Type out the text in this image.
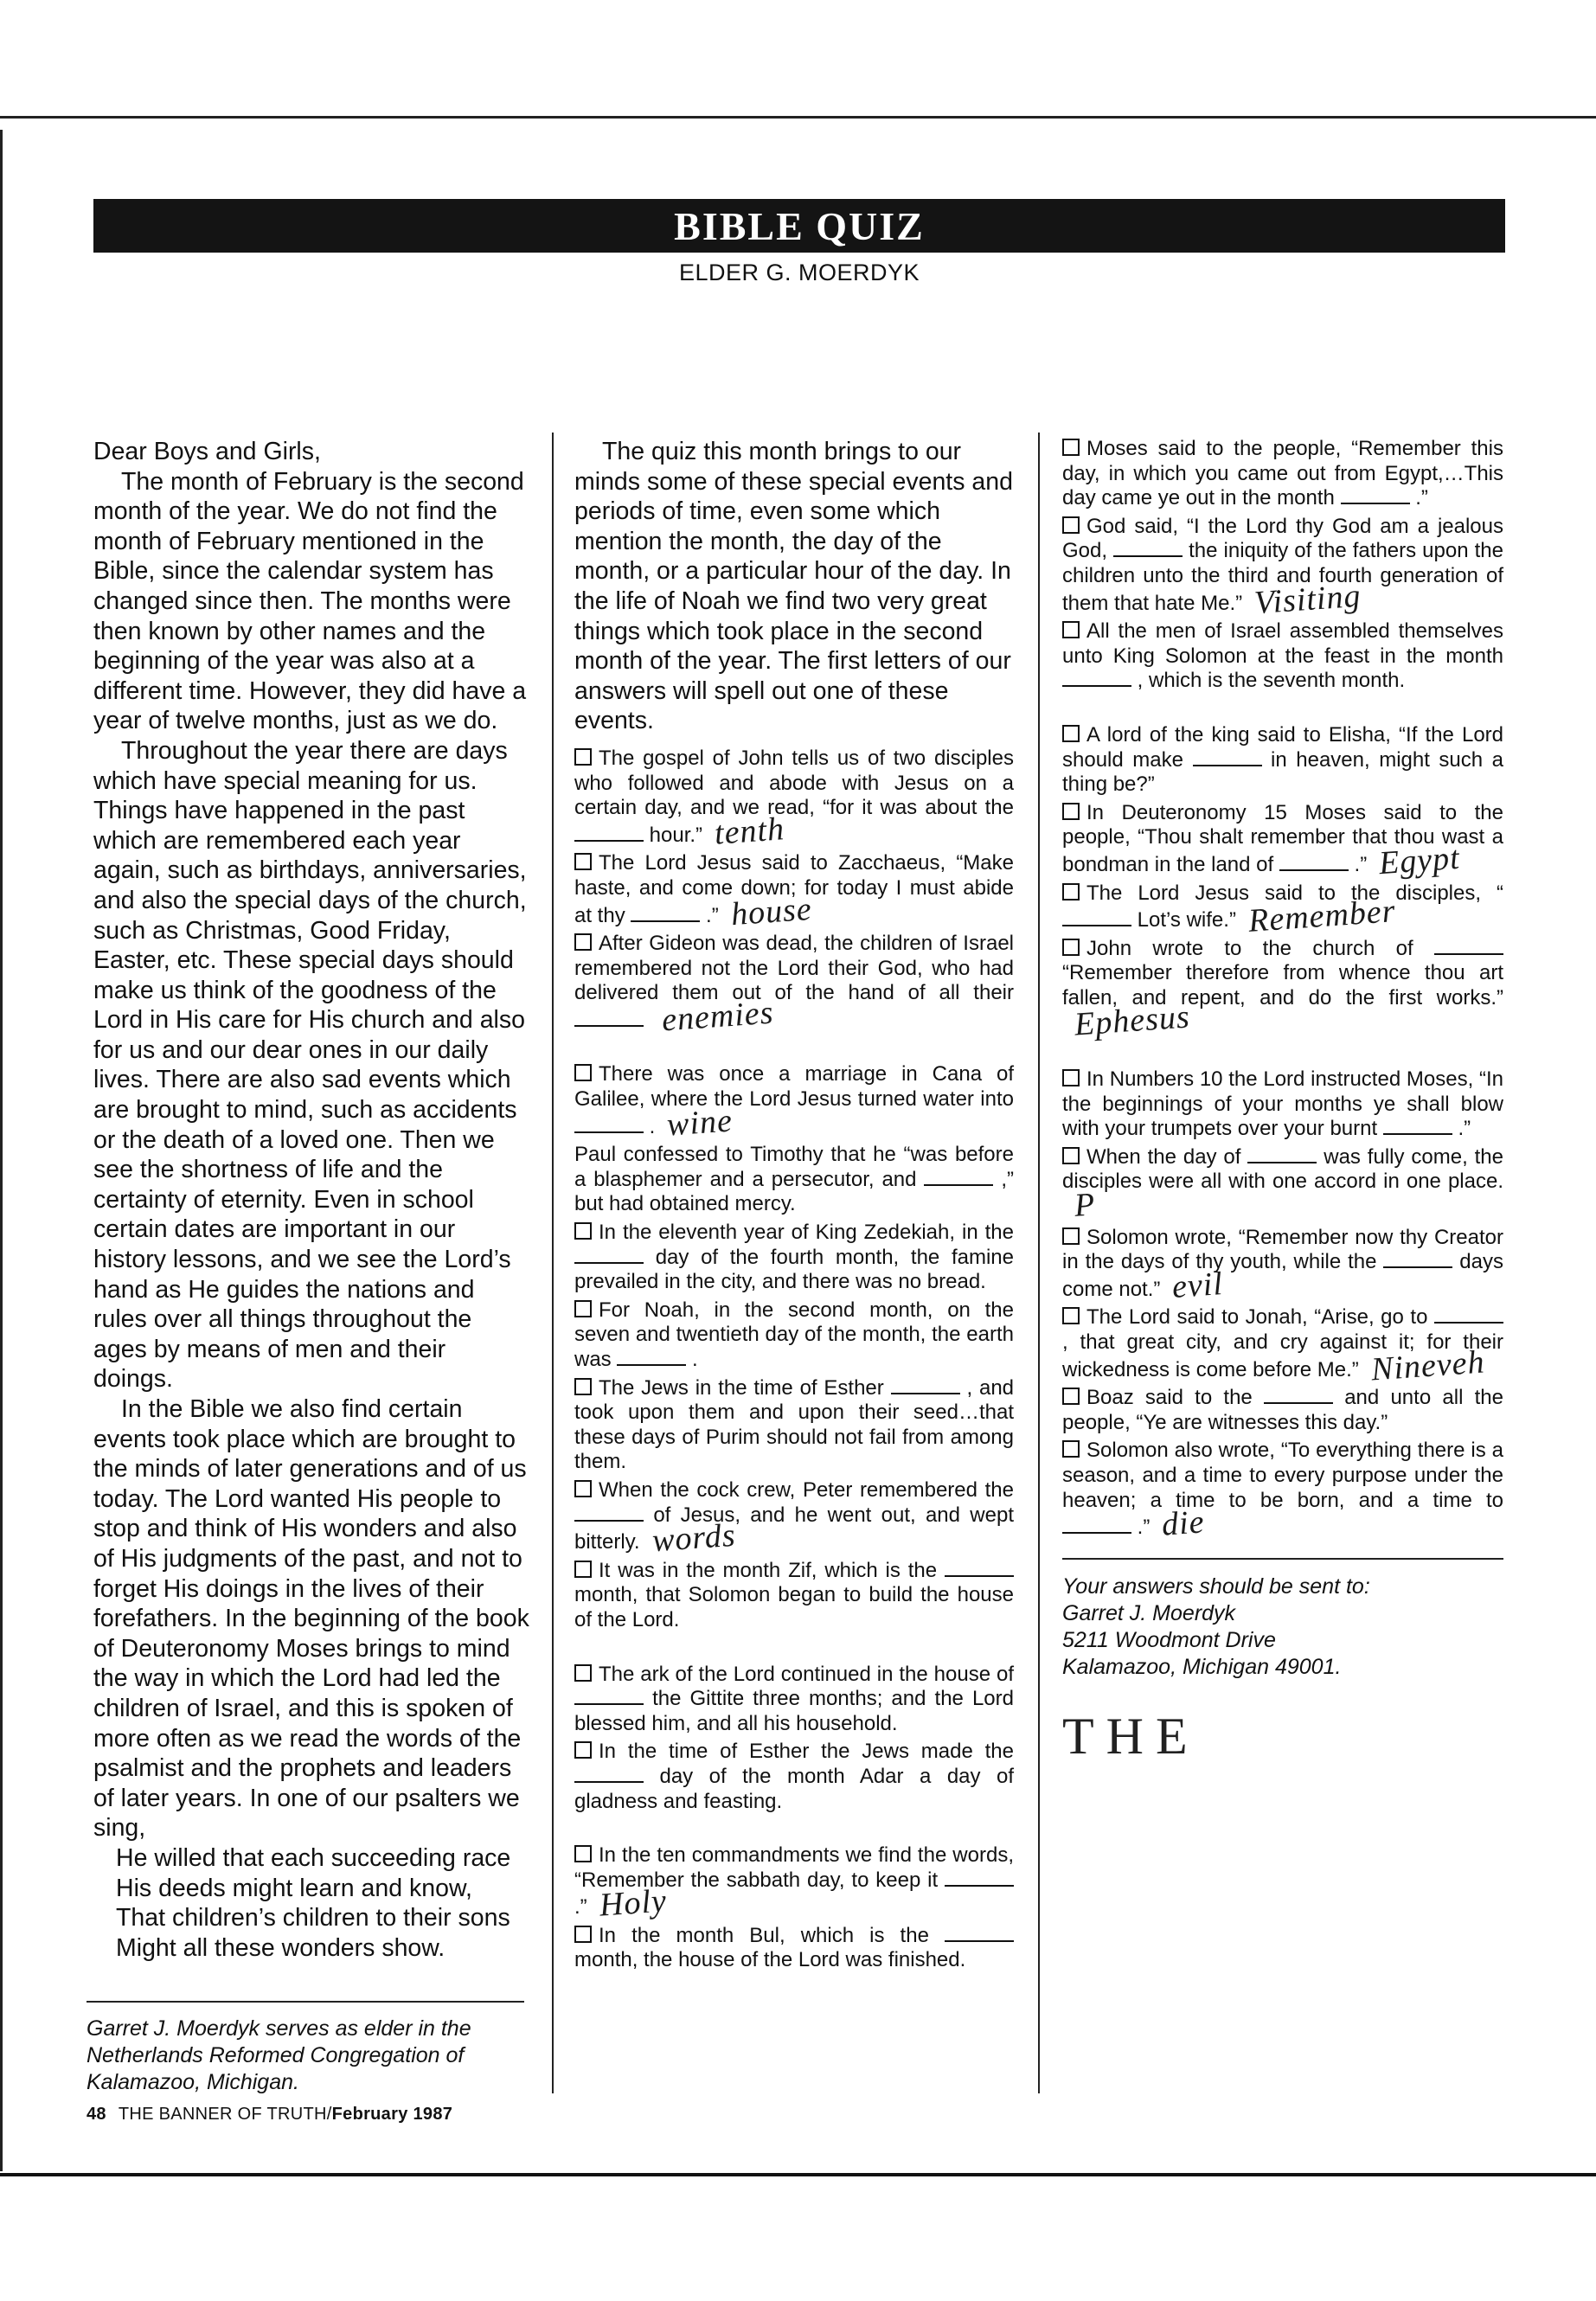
BIBLE QUIZ
ELDER G. MOERDYK

Dear Boys and Girls,

The month of February is the second month of the year. We do not find the month of February mentioned in the Bible, since the calendar system has changed since then. The months were then known by other names and the beginning of the year was also at a different time. However, they did have a year of twelve months, just as we do.

Throughout the year there are days which have special meaning for us. Things have happened in the past which are remembered each year again, such as birthdays, anniversaries, and also the special days of the church, such as Christmas, Good Friday, Easter, etc. These special days should make us think of the goodness of the Lord in His care for His church and also for us and our dear ones in our daily lives. There are also sad events which are brought to mind, such as accidents or the death of a loved one. Then we see the shortness of life and the certainty of eternity. Even in school certain dates are important in our history lessons, and we see the Lord’s hand as He guides the nations and rules over all things throughout the ages by means of men and their doings.

In the Bible we also find certain events took place which are brought to the minds of later generations and of us today. The Lord wanted His people to stop and think of His wonders and also of His judgments of the past, and not to forget His doings in the lives of their forefathers. In the beginning of the book of Deuteronomy Moses brings to mind the way in which the Lord had led the children of Israel, and this is spoken of more often as we read the words of the psalmist and the prophets and leaders of later years. In one of our psalters we sing,

He willed that each succeeding race
His deeds might learn and know,
That children’s children to their sons
Might all these wonders show.

The quiz this month brings to our minds some of these special events and periods of time, even some which mention the month, the day of the month, or a particular hour of the day. In the life of Noah we find two very great things which took place in the second month of the year. The first letters of our answers will spell out one of these events.

The gospel of John tells us of two disciples who followed and abode with Jesus on a certain day, and we read, “for it was about the  hour.” tenth

The Lord Jesus said to Zacchaeus, “Make haste, and come down; for today I must abide at thy	.” house

After Gideon was dead, the children of Israel remembered not the Lord their God, who had delivered them out of the hand of all their  enemies

There was once a marriage in Cana of Galilee, where the Lord Jesus turned water into  . wine

Paul confessed to Timothy that he “was before a blasphemer and a persecutor, and	,” but had obtained mercy.

In the eleventh year of King Zedekiah, in the  day of the fourth month, the famine prevailed in the city, and there was no bread.

For Noah, in the second month, on the seven and twentieth day of the month, the earth was	.

The Jews in the time of Esther	, and took upon them and upon their seed…that these days of Purim should not fail from among them.

When the cock crew, Peter remembered the  of Jesus, and he went out, and wept bitterly. words

It was in the month Zif, which is the  month, that Solomon began to build the house of the Lord.

The ark of the Lord continued in the house of  the Gittite three months; and the Lord blessed him, and all his household.

In the time of Esther the Jews made the  day of the month Adar a day of gladness and feasting.

In the ten commandments we find the words, “Remember the sabbath day, to keep it  .” Holy

In the month Bul, which is the  month, the house of the Lord was finished.

Moses said to the people, “Remember this day, in which you came out from Egypt,…This day came ye out in the month	.”

God said, “I the Lord thy God am a jealous God,	the iniquity of the fathers upon the children unto the third and fourth generation of them that hate Me.” Visiting

All the men of Israel assembled themselves unto King Solomon at the feast in the month  , which is the seventh month.

A lord of the king said to Elisha, “If the Lord should make	in heaven, might such a thing be?”

In Deuteronomy 15 Moses said to the people, “Thou shalt remember that thou wast a bondman in the land of	.” Egypt

The Lord Jesus said to the disciples, “  Lot’s wife.” Remember

John wrote to the church of  “Remember therefore from whence thou art fallen, and repent, and do the first works.”Ephesus

In Numbers 10 the Lord instructed Moses, “In the beginnings of your months ye shall blow with your trumpets over your burnt	.”

When the day of	was fully come, the disciples were all with one accord in one place.P

Solomon wrote, “Remember now thy Creator in the days of thy youth, while the	days come not.” evil

The Lord said to Jonah, “Arise, go to  , that great city, and cry against it; for their wickedness is come before Me.” Nineveh

Boaz said to the	and unto all the people, “Ye are witnesses this day.”

Solomon also wrote, “To everything there is a season, and a time to every purpose under the heaven; a time to be born, and a time to  .” die

Your answers should be sent to:
Garret J. Moerdyk
5211 Woodmont Drive
Kalamazoo, Michigan 49001.
THE
Garret J. Moerdyk serves as elder in the Netherlands Reformed Congregation of Kalamazoo, Michigan.
48 THE BANNER OF TRUTH/February 1987
